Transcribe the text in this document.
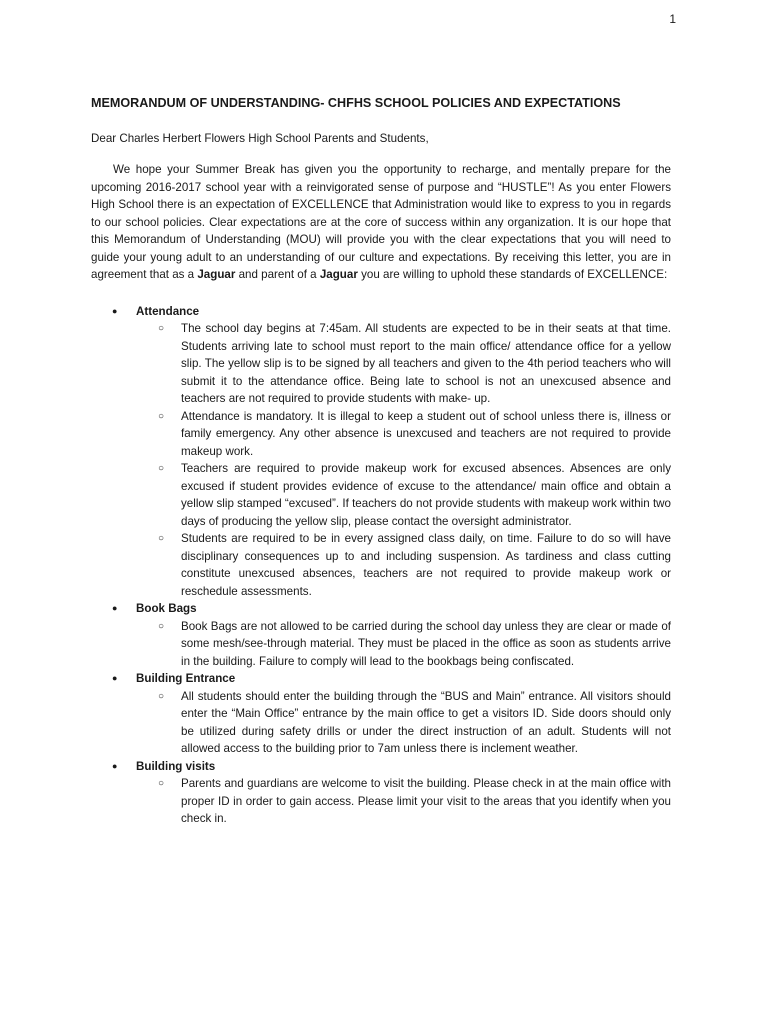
1
MEMORANDUM OF UNDERSTANDING- CHFHS SCHOOL POLICIES AND EXPECTATIONS
Dear Charles Herbert Flowers High School Parents and Students,

We hope your Summer Break has given you the opportunity to recharge, and mentally prepare for the upcoming 2016-2017 school year with a reinvigorated sense of purpose and “HUSTLE”! As you enter Flowers High School there is an expectation of EXCELLENCE that Administration would like to express to you in regards to our school policies. Clear expectations are at the core of success within any organization. It is our hope that this Memorandum of Understanding (MOU) will provide you with the clear expectations that you will need to guide your young adult to an understanding of our culture and expectations. By receiving this letter, you are in agreement that as a Jaguar and parent of a Jaguar you are willing to uphold these standards of EXCELLENCE:

● Attendance
○ The school day begins at 7:45am. All students are expected to be in their seats at that time. Students arriving late to school must report to the main office/ attendance office for a yellow slip. The yellow slip is to be signed by all teachers and given to the 4th period teachers who will submit it to the attendance office. Being late to school is not an unexcused absence and teachers are not required to provide students with make- up.
○ Attendance is mandatory. It is illegal to keep a student out of school unless there is, illness or family emergency. Any other absence is unexcused and teachers are not required to provide makeup work.
○ Teachers are required to provide makeup work for excused absences. Absences are only excused if student provides evidence of excuse to the attendance/ main office and obtain a yellow slip stamped “excused”. If teachers do not provide students with makeup work within two days of producing the yellow slip, please contact the oversight administrator.
○ Students are required to be in every assigned class daily, on time. Failure to do so will have disciplinary consequences up to and including suspension. As tardiness and class cutting constitute unexcused absences, teachers are not required to provide makeup work or reschedule assessments.
● Book Bags
○ Book Bags are not allowed to be carried during the school day unless they are clear or made of some mesh/see-through material. They must be placed in the office as soon as students arrive in the building. Failure to comply will lead to the bookbags being confiscated.
● Building Entrance
○ All students should enter the building through the “BUS and Main” entrance. All visitors should enter the “Main Office” entrance by the main office to get a visitors ID. Side doors should only be utilized during safety drills or under the direct instruction of an adult. Students will not allowed access to the building prior to 7am unless there is inclement weather.
● Building visits
○ Parents and guardians are welcome to visit the building. Please check in at the main office with proper ID in order to gain access. Please limit your visit to the areas that you identify when you check in.
